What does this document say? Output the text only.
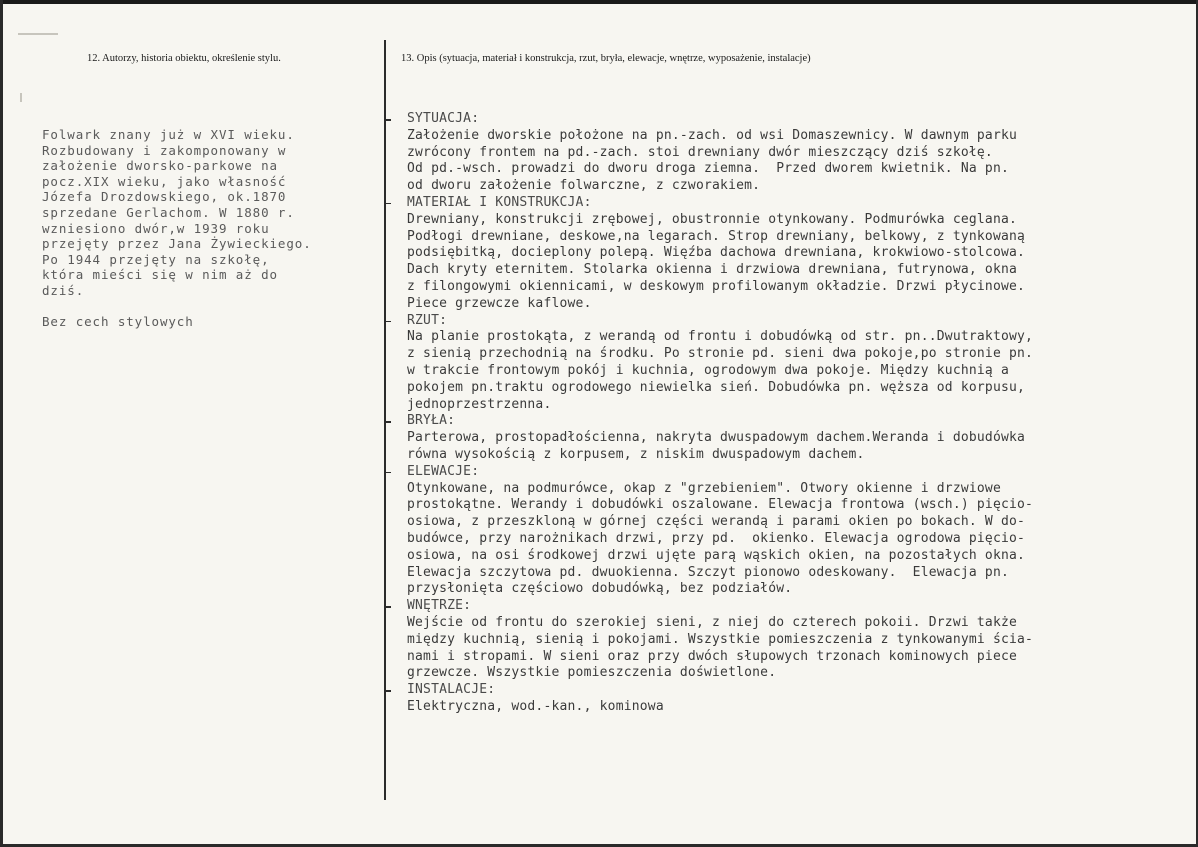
12. Autorzy, historia obiektu, określenie stylu.	13. Opis (sytuacja, materiał i konstrukcja, rzut, bryła, elewacje, wnętrze, wyposażenie, instalacje)
Folwark znany już w XVI wieku.
Rozbudowany i zakomponowany w
założenie dworsko-parkowe na
pocz.XIX wieku, jako własność
Józefa Drozdowskiego, ok.1870
sprzedane Gerlachom. W 1880 r.
wzniesiono dwór,w 1939 roku
przejęty przez Jana Żywieckiego.
Po 1944 przejęty na szkołę,
która mieści się w nim aż do
dziś.
Bez cech stylowych
SYTUACJA:
Założenie dworskie położone na pn.-zach. od wsi Domaszewnicy. W dawnym parku
zwrócony frontem na pd.-zach. stoi drewniany dwór mieszczący dziś szkołę.
Od pd.-wsch. prowadzi do dworu droga ziemna.  Przed dworem kwietnik. Na pn.
od dworu założenie folwarczne, z czworakiem.
MATERIAŁ I KONSTRUKCJA:
Drewniany, konstrukcji zrębowej, obustronnie otynkowany. Podmurówka ceglana.
Podłogi drewniane, deskowe,na legarach. Strop drewniany, belkowy, z tynkowaną
podsiębitką, docieplony polepą. Więźba dachowa drewniana, krokwiowo-stolcowa.
Dach kryty eternitem. Stolarka okienna i drzwiowa drewniana, futrynowa, okna
z filongowymi okiennicami, w deskowym profilowanym okładzie. Drzwi płycinowe.
Piece grzewcze kaflowe.
RZUT:
Na planie prostokąta, z werandą od frontu i dobudówką od str. pn..Dwutraktowy,
z sienią przechodnią na środku. Po stronie pd. sieni dwa pokoje,po stronie pn.
w trakcie frontowym pokój i kuchnia, ogrodowym dwa pokoje. Między kuchnią a
pokojem pn.traktu ogrodowego niewielka sień. Dobudówka pn. węższa od korpusu,
jednoprzestrzenna.
BRYŁA:
Parterowa, prostopadłościenna, nakryta dwuspadowym dachem.Weranda i dobudówka
równa wysokością z korpusem, z niskim dwuspadowym dachem.
ELEWACJE:
Otynkowane, na podmurówce, okap z "grzebieniem". Otwory okienne i drzwiowe
prostokątne. Werandy i dobudówki oszalowane. Elewacja frontowa (wsch.) pięcio-
osiowa, z przeszkloną w górnej części werandą i parami okien po bokach. W do-
budówce, przy narożnikach drzwi, przy pd.  okienko. Elewacja ogrodowa pięcio-
osiowa, na osi środkowej drzwi ujęte parą wąskich okien, na pozostałych okna.
Elewacja szczytowa pd. dwuokienna. Szczyt pionowo odeskowany.  Elewacja pn.
przysłonięta częściowo dobudówką, bez podziałów.
WNĘTRZE:
Wejście od frontu do szerokiej sieni, z niej do czterech pokoii. Drzwi także
między kuchnią, sienią i pokojami. Wszystkie pomieszczenia z tynkowanymi ścia-
nami i stropami. W sieni oraz przy dwóch słupowych trzonach kominowych piece
grzewcze. Wszystkie pomieszczenia doświetlone.
INSTALACJE:
Elektryczna, wod.-kan., kominowa
